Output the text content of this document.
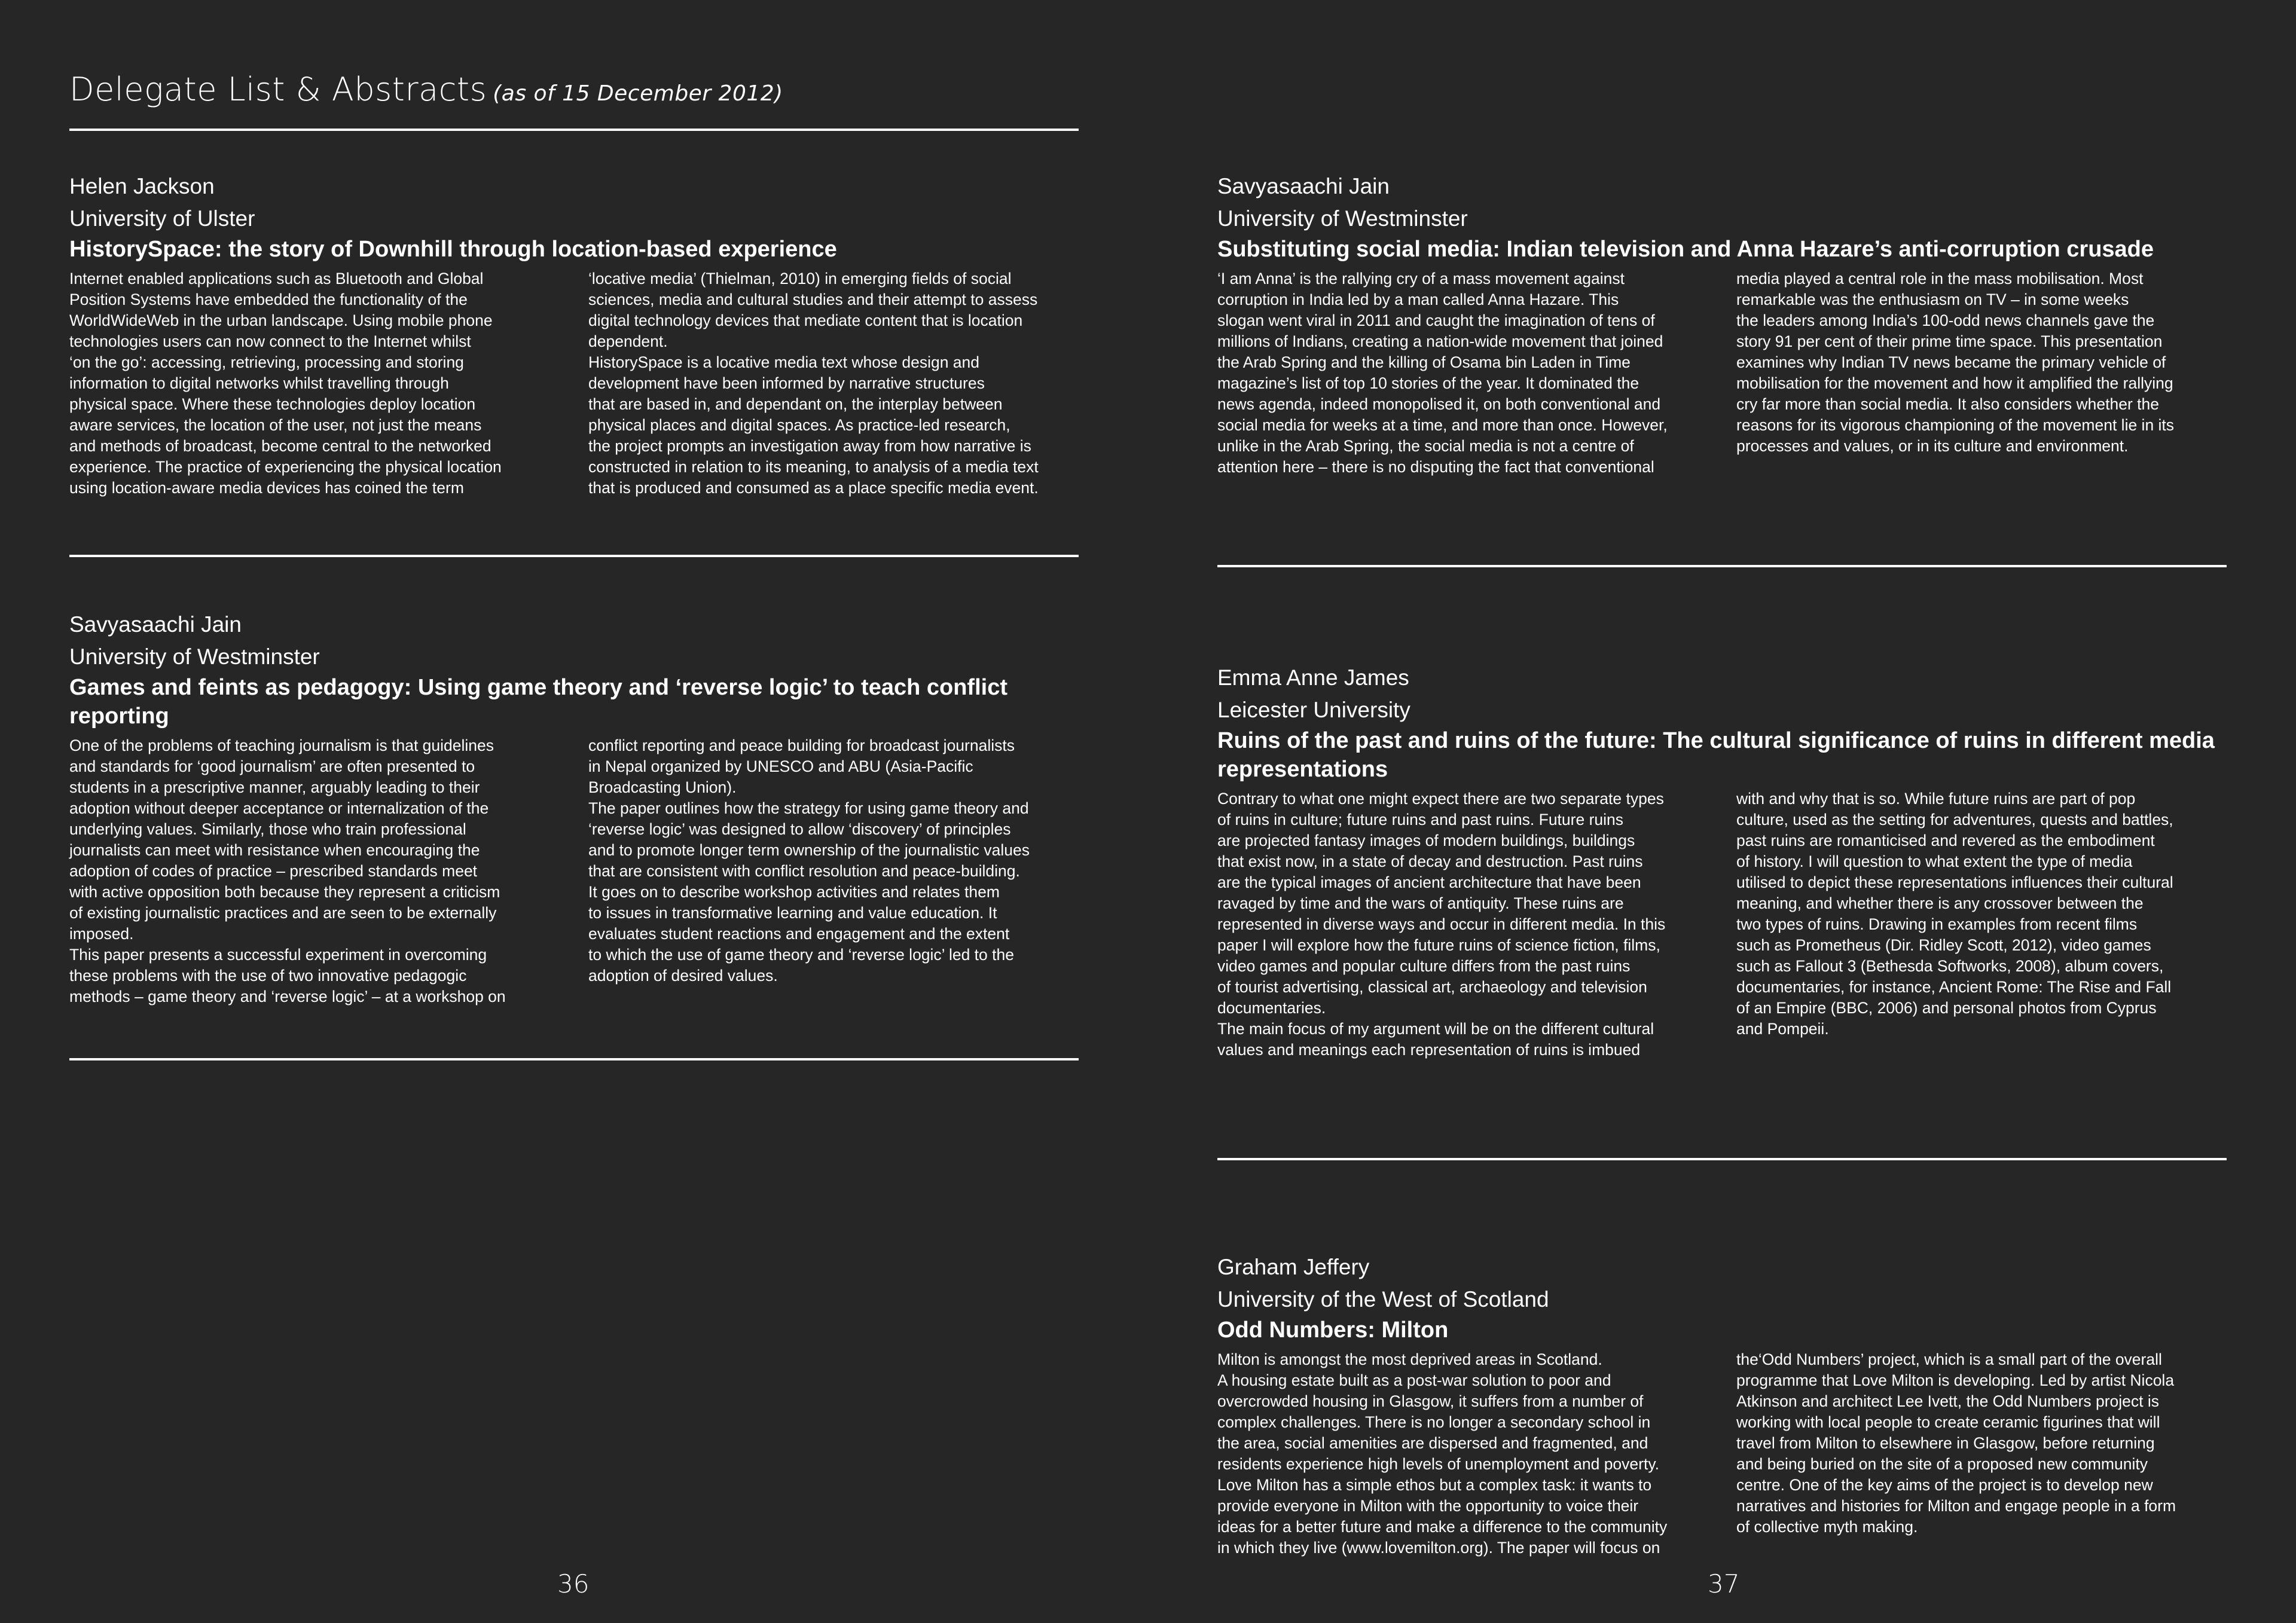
Delegate List & Abstracts (as of 15 December 2012)
Helen Jackson
University of Ulster
HistorySpace: the story of Downhill through location-based experience
Internet enabled applications such as Bluetooth and Global
Position Systems have embedded the functionality of the
WorldWideWeb in the urban landscape. Using mobile phone
technologies users can now connect to the Internet whilst
‘on the go’: accessing, retrieving, processing and storing
information to digital networks whilst travelling through
physical space. Where these technologies deploy location
aware services, the location of the user, not just the means
and methods of broadcast, become central to the networked
experience. The practice of experiencing the physical location
using location-aware media devices has coined the term
‘locative media’ (Thielman, 2010) in emerging fields of social
sciences, media and cultural studies and their attempt to assess
digital technology devices that mediate content that is location
dependent.
HistorySpace is a locative media text whose design and
development have been informed by narrative structures
that are based in, and dependant on, the interplay between
physical places and digital spaces. As practice-led research,
the project prompts an investigation away from how narrative is
constructed in relation to its meaning, to analysis of a media text
that is produced and consumed as a place specific media event.
Savyasaachi Jain
University of Westminster
Games and feints as pedagogy: Using game theory and ‘reverse logic’ to teach conflict reporting
One of the problems of teaching journalism is that guidelines
and standards for ‘good journalism’ are often presented to
students in a prescriptive manner, arguably leading to their
adoption without deeper acceptance or internalization of the
underlying values. Similarly, those who train professional
journalists can meet with resistance when encouraging the
adoption of codes of practice – prescribed standards meet
with active opposition both because they represent a criticism
of existing journalistic practices and are seen to be externally
imposed.
This paper presents a successful experiment in overcoming
these problems with the use of two innovative pedagogic
methods – game theory and ‘reverse logic’ – at a workshop on
conflict reporting and peace building for broadcast journalists
in Nepal organized by UNESCO and ABU (Asia-Pacific
Broadcasting Union).
The paper outlines how the strategy for using game theory and
‘reverse logic’ was designed to allow ‘discovery’ of principles
and to promote longer term ownership of the journalistic values
that are consistent with conflict resolution and peace-building.
It goes on to describe workshop activities and relates them
to issues in transformative learning and value education. It
evaluates student reactions and engagement and the extent
to which the use of game theory and ‘reverse logic’ led to the
adoption of desired values.
36
Savyasaachi Jain
University of Westminster
Substituting social media: Indian television and Anna Hazare’s anti-corruption crusade
‘I am Anna’ is the rallying cry of a mass movement against
corruption in India led by a man called Anna Hazare. This
slogan went viral in 2011 and caught the imagination of tens of
millions of Indians, creating a nation-wide movement that joined
the Arab Spring and the killing of Osama bin Laden in Time
magazine’s list of top 10 stories of the year. It dominated the
news agenda, indeed monopolised it, on both conventional and
social media for weeks at a time, and more than once. However,
unlike in the Arab Spring, the social media is not a centre of
attention here – there is no disputing the fact that conventional
media played a central role in the mass mobilisation. Most
remarkable was the enthusiasm on TV – in some weeks
the leaders among India’s 100-odd news channels gave the
story 91 per cent of their prime time space. This presentation
examines why Indian TV news became the primary vehicle of
mobilisation for the movement and how it amplified the rallying
cry far more than social media. It also considers whether the
reasons for its vigorous championing of the movement lie in its
processes and values, or in its culture and environment.
Emma Anne James
Leicester University
Ruins of the past and ruins of the future: The cultural significance of ruins in different media representations
Contrary to what one might expect there are two separate types
of ruins in culture; future ruins and past ruins. Future ruins
are projected fantasy images of modern buildings, buildings
that exist now, in a state of decay and destruction. Past ruins
are the typical images of ancient architecture that have been
ravaged by time and the wars of antiquity. These ruins are
represented in diverse ways and occur in different media. In this
paper I will explore how the future ruins of science fiction, films,
video games and popular culture differs from the past ruins
of tourist advertising, classical art, archaeology and television
documentaries.
The main focus of my argument will be on the different cultural
values and meanings each representation of ruins is imbued
with and why that is so. While future ruins are part of pop
culture, used as the setting for adventures, quests and battles,
past ruins are romanticised and revered as the embodiment
of history. I will question to what extent the type of media
utilised to depict these representations influences their cultural
meaning, and whether there is any crossover between the
two types of ruins. Drawing in examples from recent films
such as Prometheus (Dir. Ridley Scott, 2012), video games
such as Fallout 3 (Bethesda Softworks, 2008), album covers,
documentaries, for instance, Ancient Rome: The Rise and Fall
of an Empire (BBC, 2006) and personal photos from Cyprus
and Pompeii.
Graham Jeffery
University of the West of Scotland
Odd Numbers: Milton
Milton is amongst the most deprived areas in Scotland.
A housing estate built as a post-war solution to poor and
overcrowded housing in Glasgow, it suffers from a number of
complex challenges. There is no longer a secondary school in
the area, social amenities are dispersed and fragmented, and
residents experience high levels of unemployment and poverty.
Love Milton has a simple ethos but a complex task: it wants to
provide everyone in Milton with the opportunity to voice their
ideas for a better future and make a difference to the community
in which they live (www.lovemilton.org). The paper will focus on
the‘Odd Numbers’ project, which is a small part of the overall
programme that Love Milton is developing. Led by artist Nicola
Atkinson and architect Lee Ivett, the Odd Numbers project is
working with local people to create ceramic figurines that will
travel from Milton to elsewhere in Glasgow, before returning
and being buried on the site of a proposed new community
centre. One of the key aims of the project is to develop new
narratives and histories for Milton and engage people in a form
of collective myth making.
37
